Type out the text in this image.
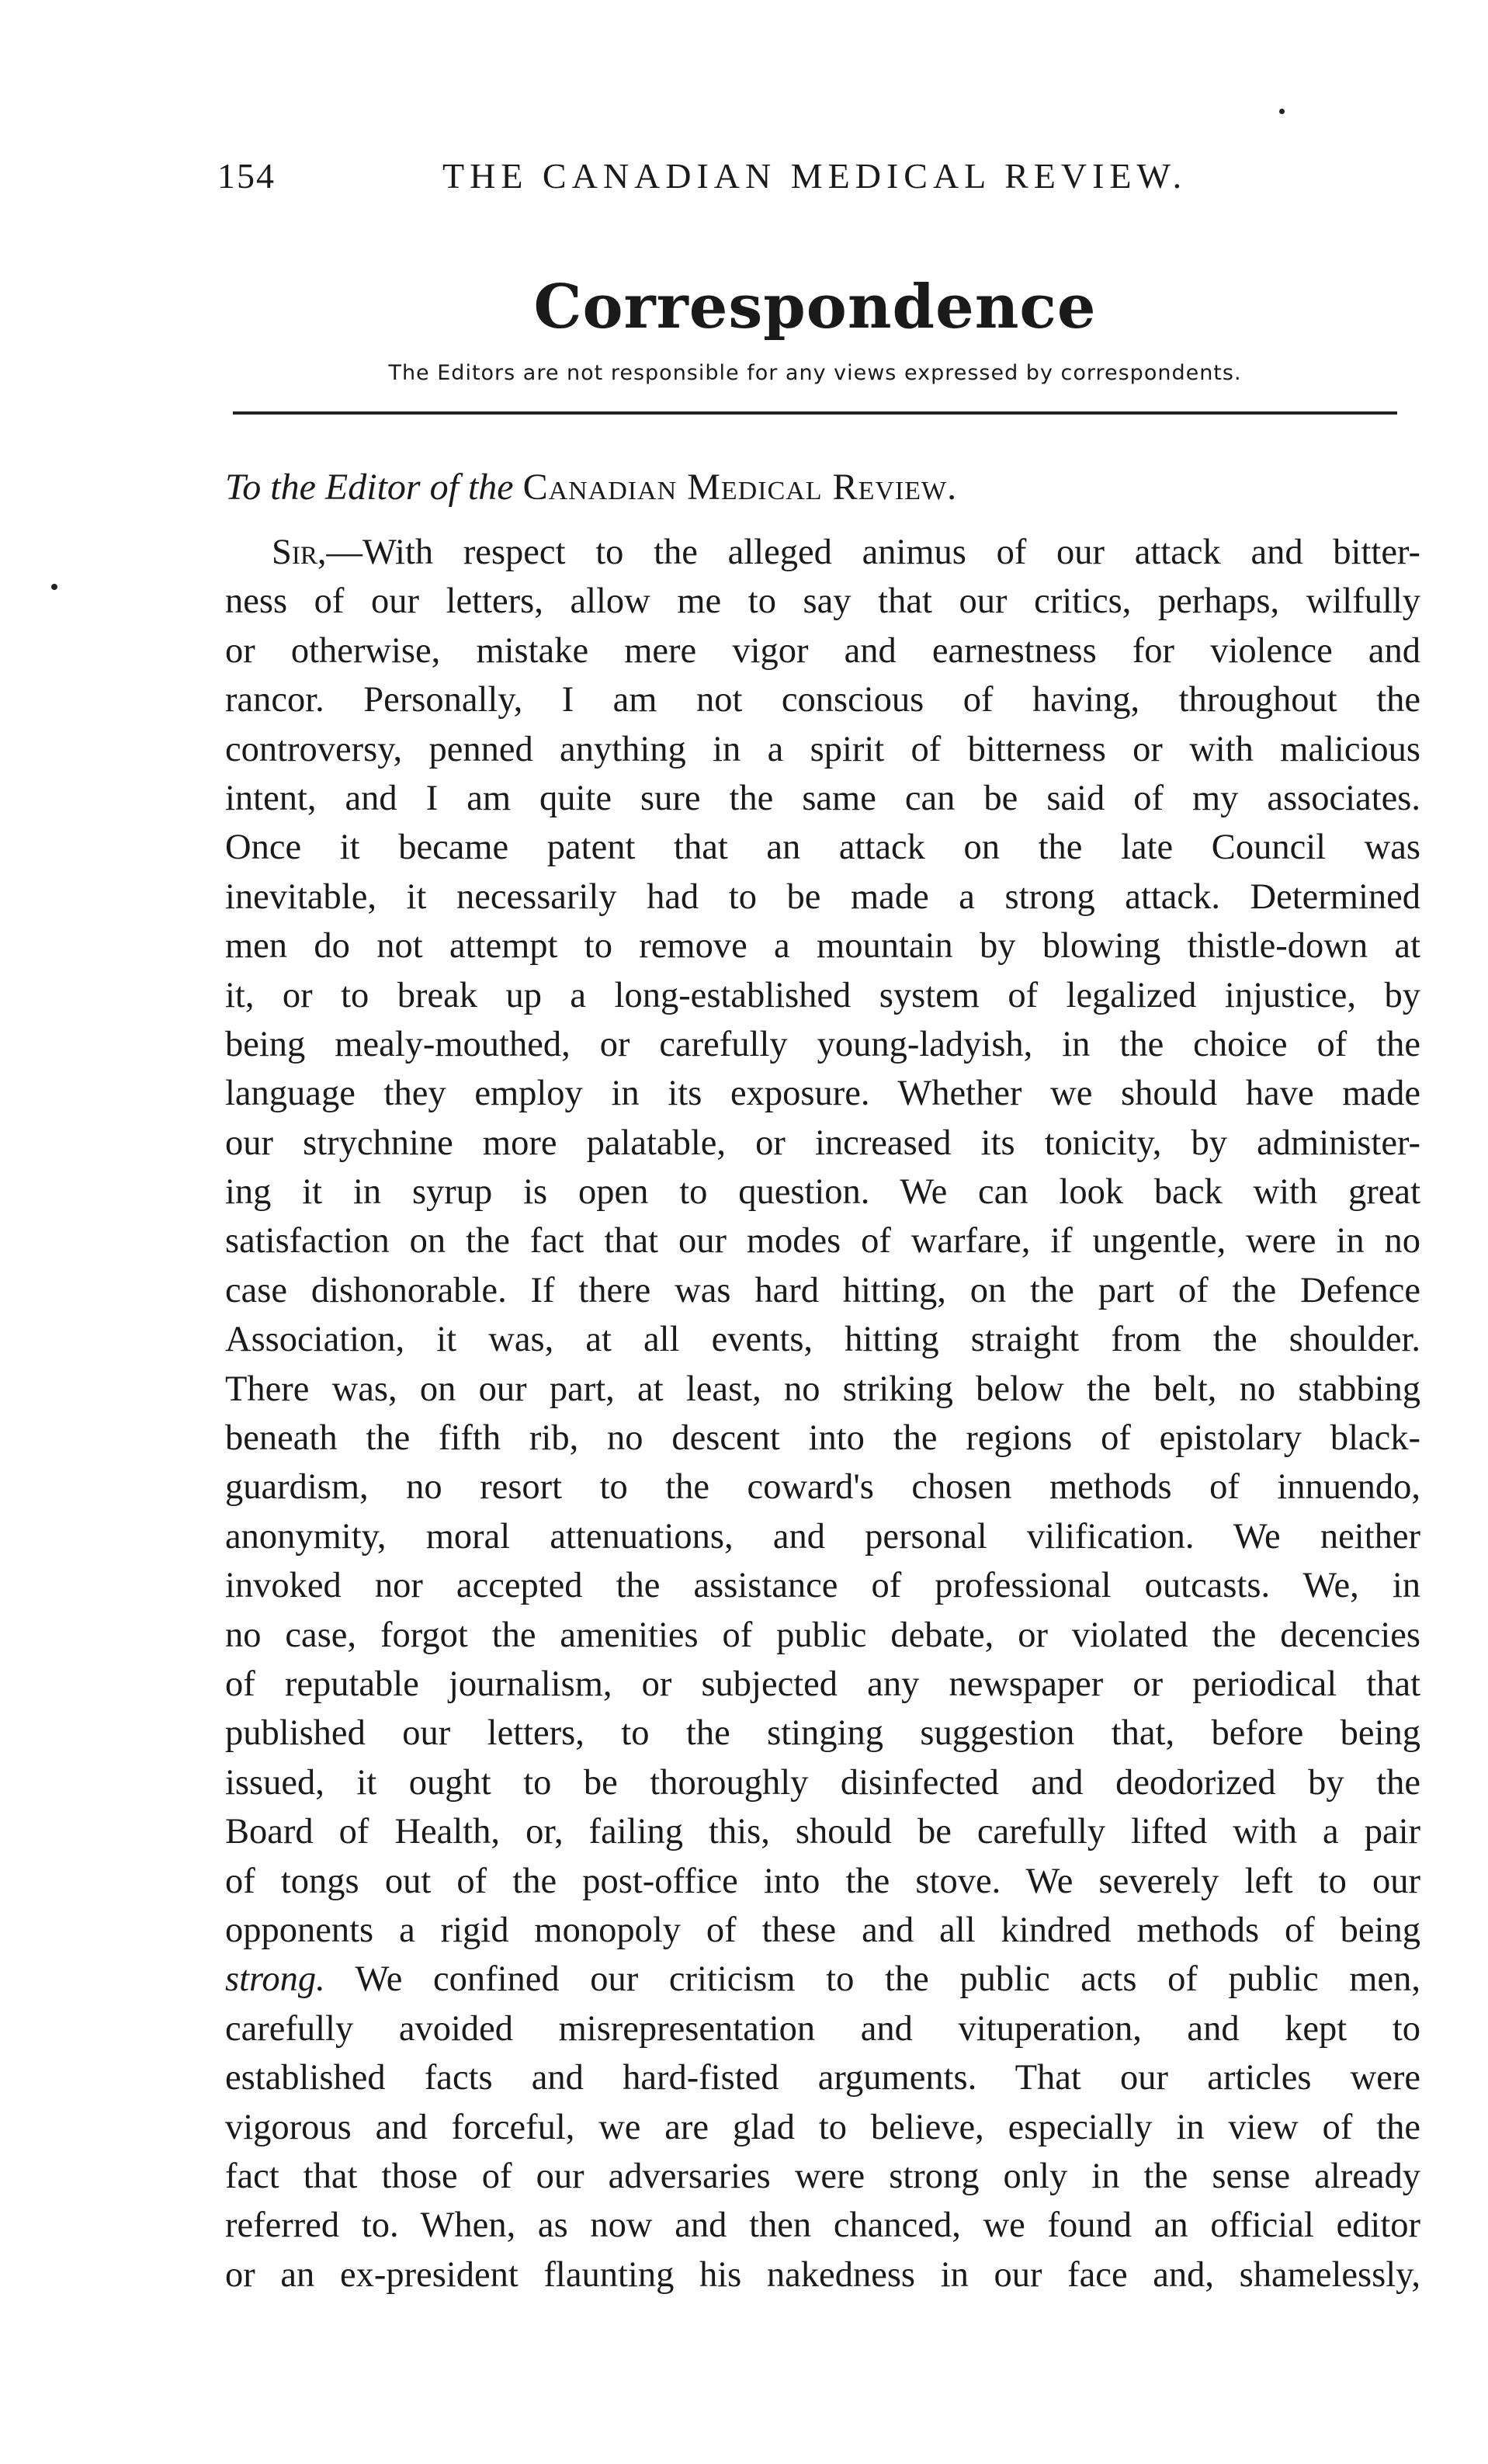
154	THE CANADIAN MEDICAL REVIEW.
Correspondence
The Editors are not responsible for any views expressed by correspondents.
To the Editor of the Canadian Medical Review.
Sir,—With respect to the alleged animus of our attack and bitter-
ness of our letters, allow me to say that our critics, perhaps, wilfully
or otherwise, mistake mere vigor and earnestness for violence and
rancor. Personally, I am not conscious of having, throughout the
controversy, penned anything in a spirit of bitterness or with malicious
intent, and I am quite sure the same can be said of my associates.
Once it became patent that an attack on the late Council was
inevitable, it necessarily had to be made a strong attack. Determined
men do not attempt to remove a mountain by blowing thistle-down at
it, or to break up a long-established system of legalized injustice, by
being mealy-mouthed, or carefully young-ladyish, in the choice of the
language they employ in its exposure. Whether we should have made
our strychnine more palatable, or increased its tonicity, by administer-
ing it in syrup is open to question. We can look back with great
satisfaction on the fact that our modes of warfare, if ungentle, were in no
case dishonorable. If there was hard hitting, on the part of the Defence
Association, it was, at all events, hitting straight from the shoulder.
There was, on our part, at least, no striking below the belt, no stabbing
beneath the fifth rib, no descent into the regions of epistolary black-
guardism, no resort to the coward's chosen methods of innuendo,
anonymity, moral attenuations, and personal vilification. We neither
invoked nor accepted the assistance of professional outcasts. We, in
no case, forgot the amenities of public debate, or violated the decencies
of reputable journalism, or subjected any newspaper or periodical that
published our letters, to the stinging suggestion that, before being
issued, it ought to be thoroughly disinfected and deodorized by the
Board of Health, or, failing this, should be carefully lifted with a pair
of tongs out of the post-office into the stove. We severely left to our
opponents a rigid monopoly of these and all kindred methods of being
strong. We confined our criticism to the public acts of public men,
carefully avoided misrepresentation and vituperation, and kept to
established facts and hard-fisted arguments. That our articles were
vigorous and forceful, we are glad to believe, especially in view of the
fact that those of our adversaries were strong only in the sense already
referred to. When, as now and then chanced, we found an official editor
or an ex-president flaunting his nakedness in our face and, shamelessly,
